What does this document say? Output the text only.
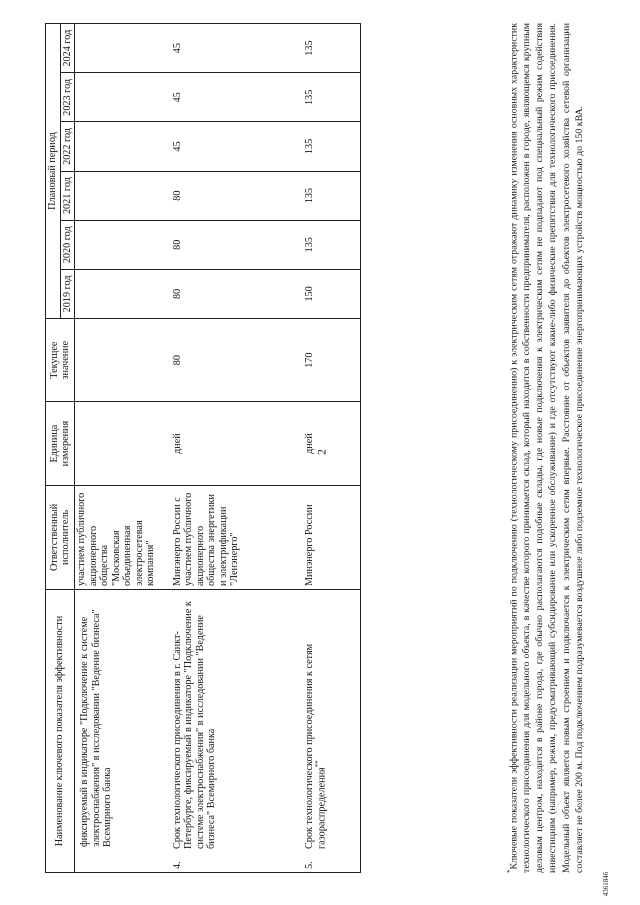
2
4361846
Наименование ключевого показателя эффективности	Ответственный исполнитель	Единица измерения	Текущее значение	Плановый период					
				2019 год	2020 год	2021 год	2022 год	2023 год	2024 год

фиксируемый в индикаторе "Подключение к системе электроснабжения" в исследовании "Ведение бизнеса" Всемирного банка	участием публичного акционерного общества "Московская объединенная электросетевая компания"								

4.
Срок технологического присоединения в г. Санкт-Петербурге, фиксируемый в индикаторе "Подключение к системе электроснабжения" в исследовании "Ведение бизнеса" Всемирного банка	Минэнерго России с участием публичного акционерного общества энергетики и электрификации "Ленэнерго"	дней	80	80	80	80	45	45	45

5.
Срок технологического присоединения к сетям газораспределения**	Минэнерго России	дней	170	150	135	135	135	135	135
*Ключевые показатели эффективности реализации мероприятий по подключению (технологическому присоединению) к электрическим сетям отражают динамику изменения основных характеристик технологического присоединения для модельного объекта, в качестве которого принимается склад, который находится в собственности предпринимателя, расположен в городе, являющемся крупным деловым центром, находится в районе города, где обычно располагаются подобные склады, где новые подключения к электрическим сетям не подпадают под специальный режим содействия инвестициям (например, режим, предусматривающий субсидирование или ускоренное обслуживание) и где отсутствуют какие-либо физические препятствия для технологического присоединения. Модельный объект является новым строением и подключается к электрическим сетям впервые. Расстояние от объектов заявителя до объектов электросетевого хозяйства сетевой организации составляет не более 200 м. Под подключением подразумевается воздушное либо подземное технологическое присоединение энергопринимающих устройств мощностью до 150 кВА.
